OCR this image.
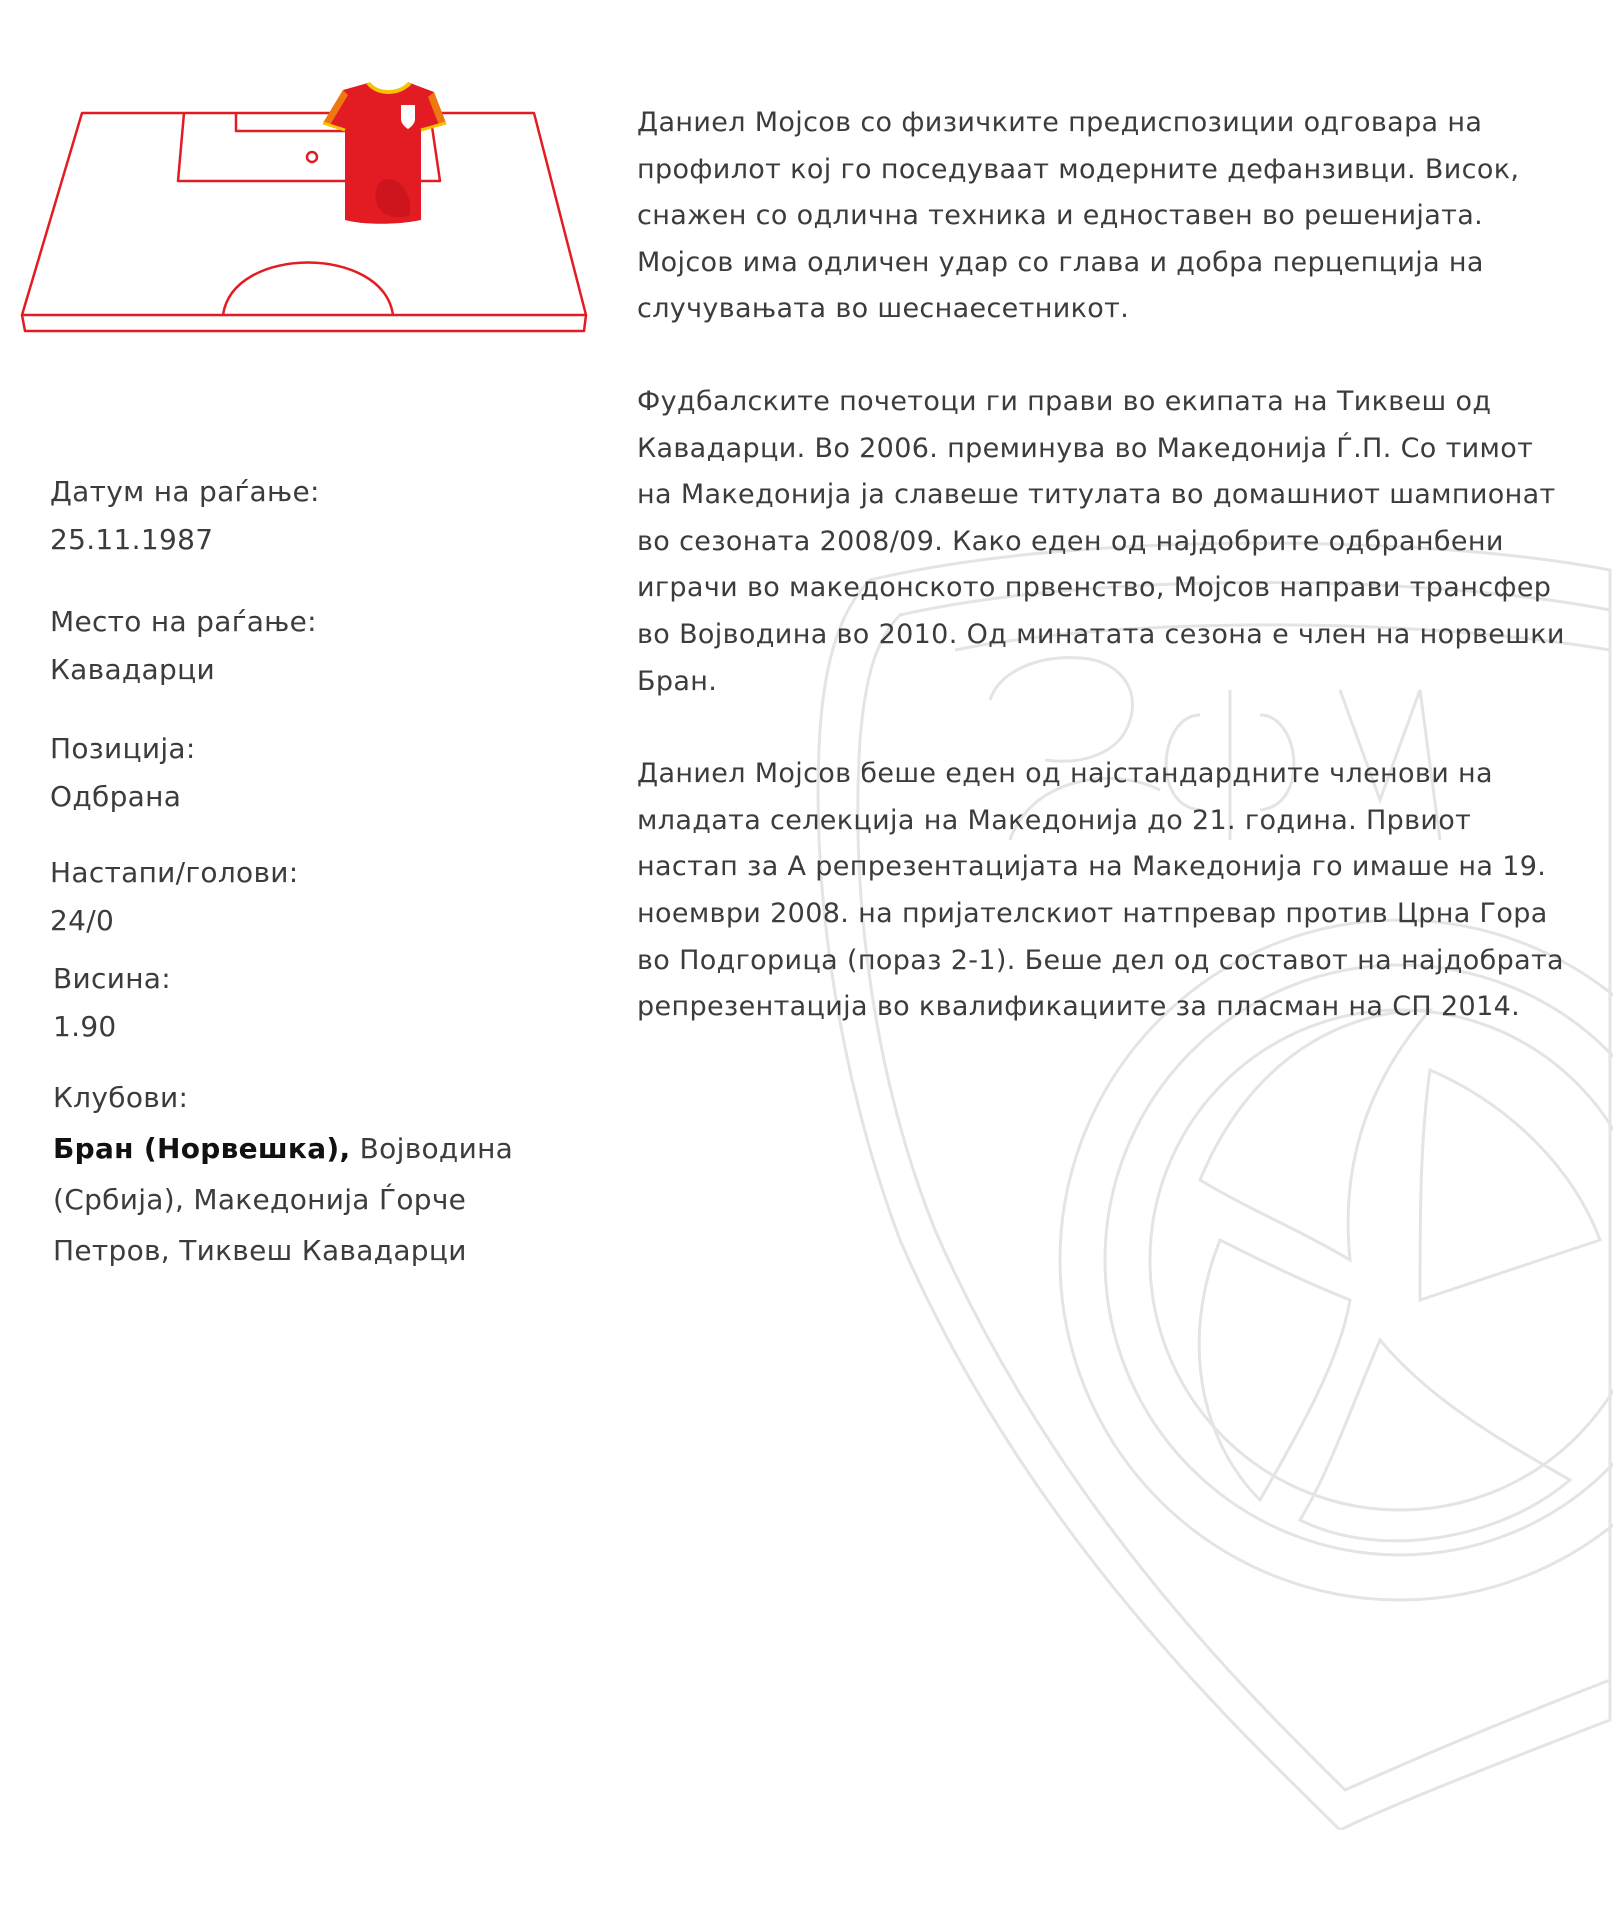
Датум на раѓање:
25.11.1987
Место на раѓање:
Кавадарци
Позиција:
Одбрана
Настапи/голови:
24/0
Висина:
1.90
Клубови:
Бран (Норвешка), Војводина (Србија), Македонија Ѓорче Петров, Тиквеш Кавадарци

Даниел Мојсов со физичките предиспозиции одговара на профилот кој го поседуваат модерните дефанзивци. Висок, снажен со одлична техника и едноставен во решенијата. Мојсов има одличен удар со глава и добра перцепција на случувањата во шеснаесетникот.

Фудбалските почетоци ги прави во екипата на Тиквеш од Кавадарци. Во 2006. преминува во Македонија Ѓ.П. Со тимот на Македонија ја славеше титулата во домашниот шампионат во сезоната 2008/09. Како еден од најдобрите одбранбени играчи во македонското првенство, Мојсов направи трансфер во Војводина во 2010. Од минатата сезона е член на норвешки Бран.

Даниел Мојсов беше еден од најстандардните членови на младата селекција на Македонија до 21. година. Првиот настап за А репрезентацијата на Македонија го имаше на 19. ноември 2008. на пријателскиот натпревар против Црна Гора во Подгорица (пораз 2-1). Беше дел од составот на најдобрата репрезентација во квалификациите за пласман на СП 2014.
